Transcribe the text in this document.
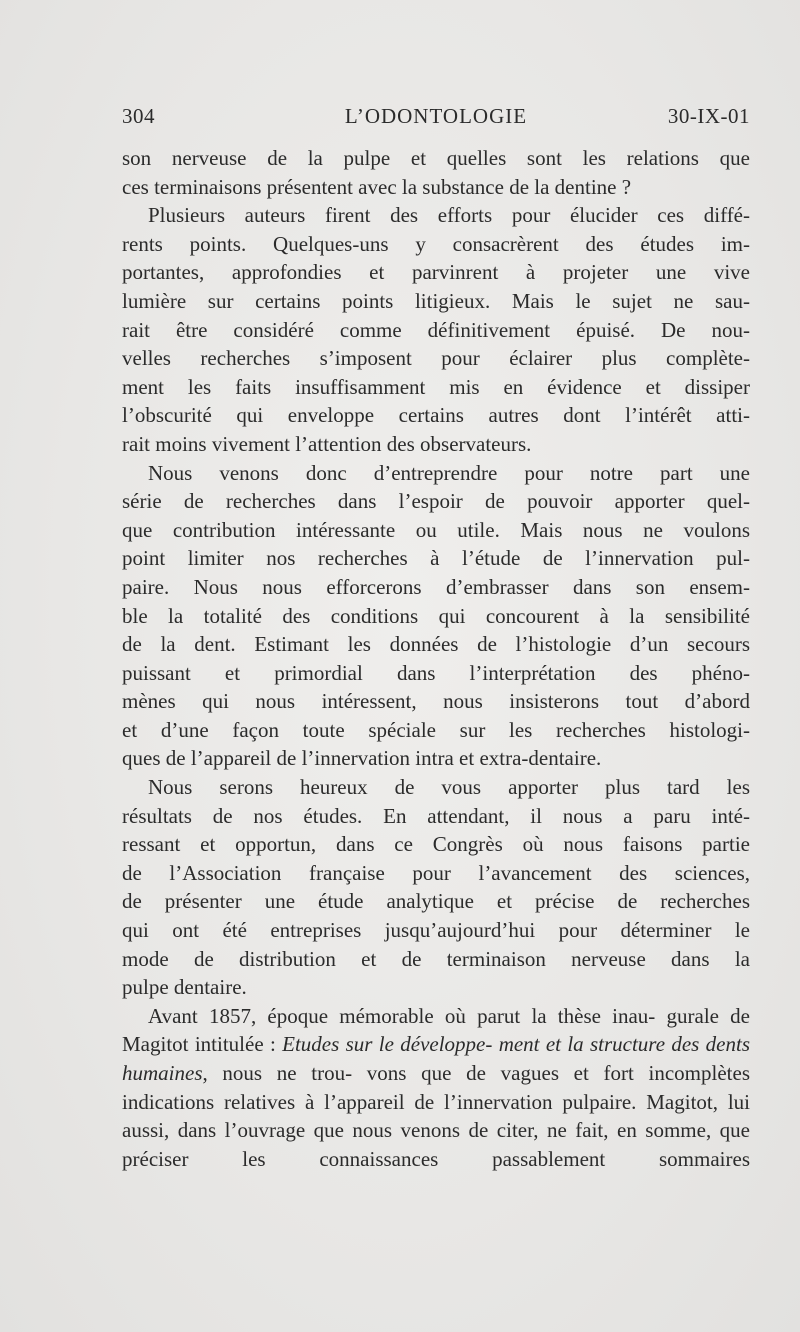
304	L’ODONTOLOGIE	30-IX-01
son nerveuse de la pulpe et quelles sont les relations que
ces terminaisons présentent avec la substance de la dentine ?
Plusieurs auteurs firent des efforts pour élucider ces diffé-
rents points. Quelques-uns y consacrèrent des études im-
portantes, approfondies et parvinrent à projeter une vive
lumière sur certains points litigieux. Mais le sujet ne sau-
rait être considéré comme définitivement épuisé. De nou-
velles recherches s’imposent pour éclairer plus complète-
ment les faits insuffisamment mis en évidence et dissiper
l’obscurité qui enveloppe certains autres dont l’intérêt atti-
rait moins vivement l’attention des observateurs.
Nous venons donc d’entreprendre pour notre part une
série de recherches dans l’espoir de pouvoir apporter quel-
que contribution intéressante ou utile. Mais nous ne voulons
point limiter nos recherches à l’étude de l’innervation pul-
paire. Nous nous efforcerons d’embrasser dans son ensem-
ble la totalité des conditions qui concourent à la sensibilité
de la dent. Estimant les données de l’histologie d’un secours
puissant et primordial dans l’interprétation des phéno-
mènes qui nous intéressent, nous insisterons tout d’abord
et d’une façon toute spéciale sur les recherches histologi-
ques de l’appareil de l’innervation intra et extra-dentaire.
Nous serons heureux de vous apporter plus tard les
résultats de nos études. En attendant, il nous a paru inté-
ressant et opportun, dans ce Congrès où nous faisons partie
de l’Association française pour l’avancement des sciences,
de présenter une étude analytique et précise de recherches
qui ont été entreprises jusqu’aujourd’hui pour déterminer le
mode de distribution et de terminaison nerveuse dans la
pulpe dentaire.
Avant 1857, époque mémorable où parut la thèse inau- gurale de Magitot intitulée : Etudes sur le développe- ment et la structure des dents humaines, nous ne trou- vons que de vagues et fort incomplètes indications relatives à l’appareil de l’innervation pulpaire. Magitot, lui aussi, dans l’ouvrage que nous venons de citer, ne fait, en somme, que préciser les connaissances passablement sommaires
